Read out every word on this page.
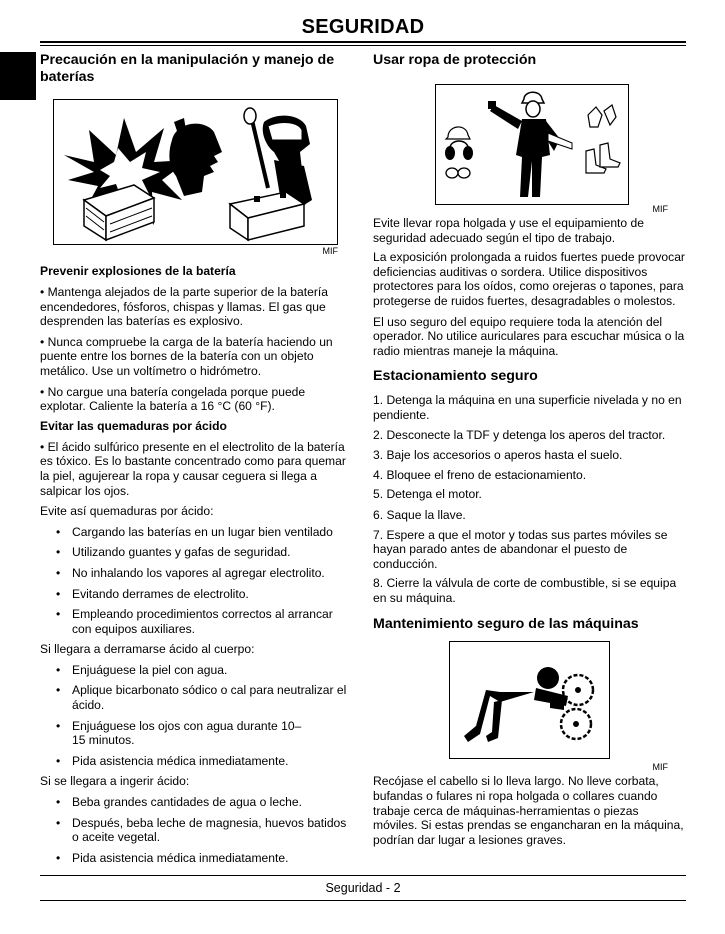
SEGURIDAD
Precaución en la manipulación y manejo de baterías
MIF
Prevenir explosiones de la batería

• Mantenga alejados de la parte superior de la batería encendedores, fósforos, chispas y llamas. El gas que desprenden las baterías es explosivo.

• Nunca compruebe la carga de la batería haciendo un puente entre los bornes de la batería con un objeto metálico. Use un voltímetro o hidrómetro.

• No cargue una batería congelada porque puede explotar. Caliente la batería a 16 °C (60 °F).

Evitar las quemaduras por ácido

• El ácido sulfúrico presente en el electrolito de la batería es tóxico. Es lo bastante concentrado como para quemar la piel, agujerear la ropa y causar ceguera si llega a salpicar los ojos.

Evite así quemaduras por ácido:

• Cargando las baterías en un lugar bien ventilado

• Utilizando guantes y gafas de seguridad.

• No inhalando los vapores al agregar electrolito.

• Evitando derrames de electrolito.

• Empleando procedimientos correctos al arrancar con equipos auxiliares.

Si llegara a derramarse ácido al cuerpo:

• Enjuáguese la piel con agua.

• Aplique bicarbonato sódico o cal para neutralizar el ácido.

• Enjuáguese los ojos con agua durante 10–
15 minutos.

• Pida asistencia médica inmediatamente.

Si se llegara a ingerir ácido:

• Beba grandes cantidades de agua o leche.

• Después, beba leche de magnesia, huevos batidos o aceite vegetal.

• Pida asistencia médica inmediatamente.

Usar ropa de protección
MIF

Evite llevar ropa holgada y use el equipamiento de seguridad adecuado según el tipo de trabajo.

La exposición prolongada a ruidos fuertes puede provocar deficiencias auditivas o sordera. Utilice dispositivos protectores para los oídos, como orejeras o tapones, para protegerse de ruidos fuertes, desagradables o molestos.

El uso seguro del equipo requiere toda la atención del operador. No utilice auriculares para escuchar música o la radio mientras maneje la máquina.

Estacionamiento seguro

1. Detenga la máquina en una superficie nivelada y no en pendiente.

2. Desconecte la TDF y detenga los aperos del tractor.

3. Baje los accesorios o aperos hasta el suelo.

4. Bloquee el freno de estacionamiento.

5. Detenga el motor.

6. Saque la llave.

7. Espere a que el motor y todas sus partes móviles se hayan parado antes de abandonar el puesto de conducción.

8. Cierre la válvula de corte de combustible, si se equipa en su máquina.

Mantenimiento seguro de las máquinas
MIF

Recójase el cabello si lo lleva largo. No lleve corbata, bufandas o fulares ni ropa holgada o collares cuando trabaje cerca de máquinas-herramientas o piezas móviles. Si estas prendas se engancharan en la máquina, podrían dar lugar a lesiones graves.

Seguridad - 2
